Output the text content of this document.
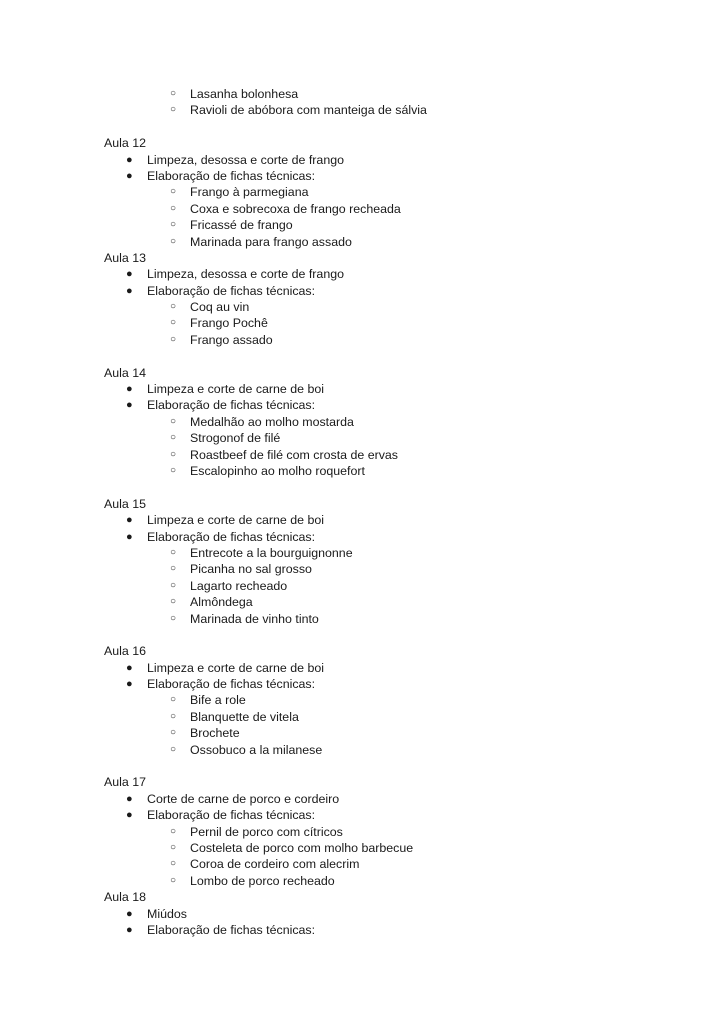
○ Lasanha bolonhesa
○ Ravioli de abóbora com manteiga de sálvia
Aula 12
● Limpeza, desossa e corte de frango
● Elaboração de fichas técnicas:
○ Frango à parmegiana
○ Coxa e sobrecoxa de frango recheada
○ Fricassé de frango
○ Marinada para frango assado
Aula 13
● Limpeza, desossa e corte de frango
● Elaboração de fichas técnicas:
○ Coq au vin
○ Frango Pochê
○ Frango assado
Aula 14
● Limpeza e corte de carne de boi
● Elaboração de fichas técnicas:
○ Medalhão ao molho mostarda
○ Strogonof de filé
○ Roastbeef de filé com crosta de ervas
○ Escalopinho ao molho roquefort
Aula 15
● Limpeza e corte de carne de boi
● Elaboração de fichas técnicas:
○ Entrecote a la bourguignonne
○ Picanha no sal grosso
○ Lagarto recheado
○ Almôndega
○ Marinada de vinho tinto
Aula 16
● Limpeza e corte de carne de boi
● Elaboração de fichas técnicas:
○ Bife a role
○ Blanquette de vitela
○ Brochete
○ Ossobuco a la milanese
Aula 17
● Corte de carne de porco e cordeiro
● Elaboração de fichas técnicas:
○ Pernil de porco com cítricos
○ Costeleta de porco com molho barbecue
○ Coroa de cordeiro com alecrim
○ Lombo de porco recheado
Aula 18
● Miúdos
● Elaboração de fichas técnicas:
